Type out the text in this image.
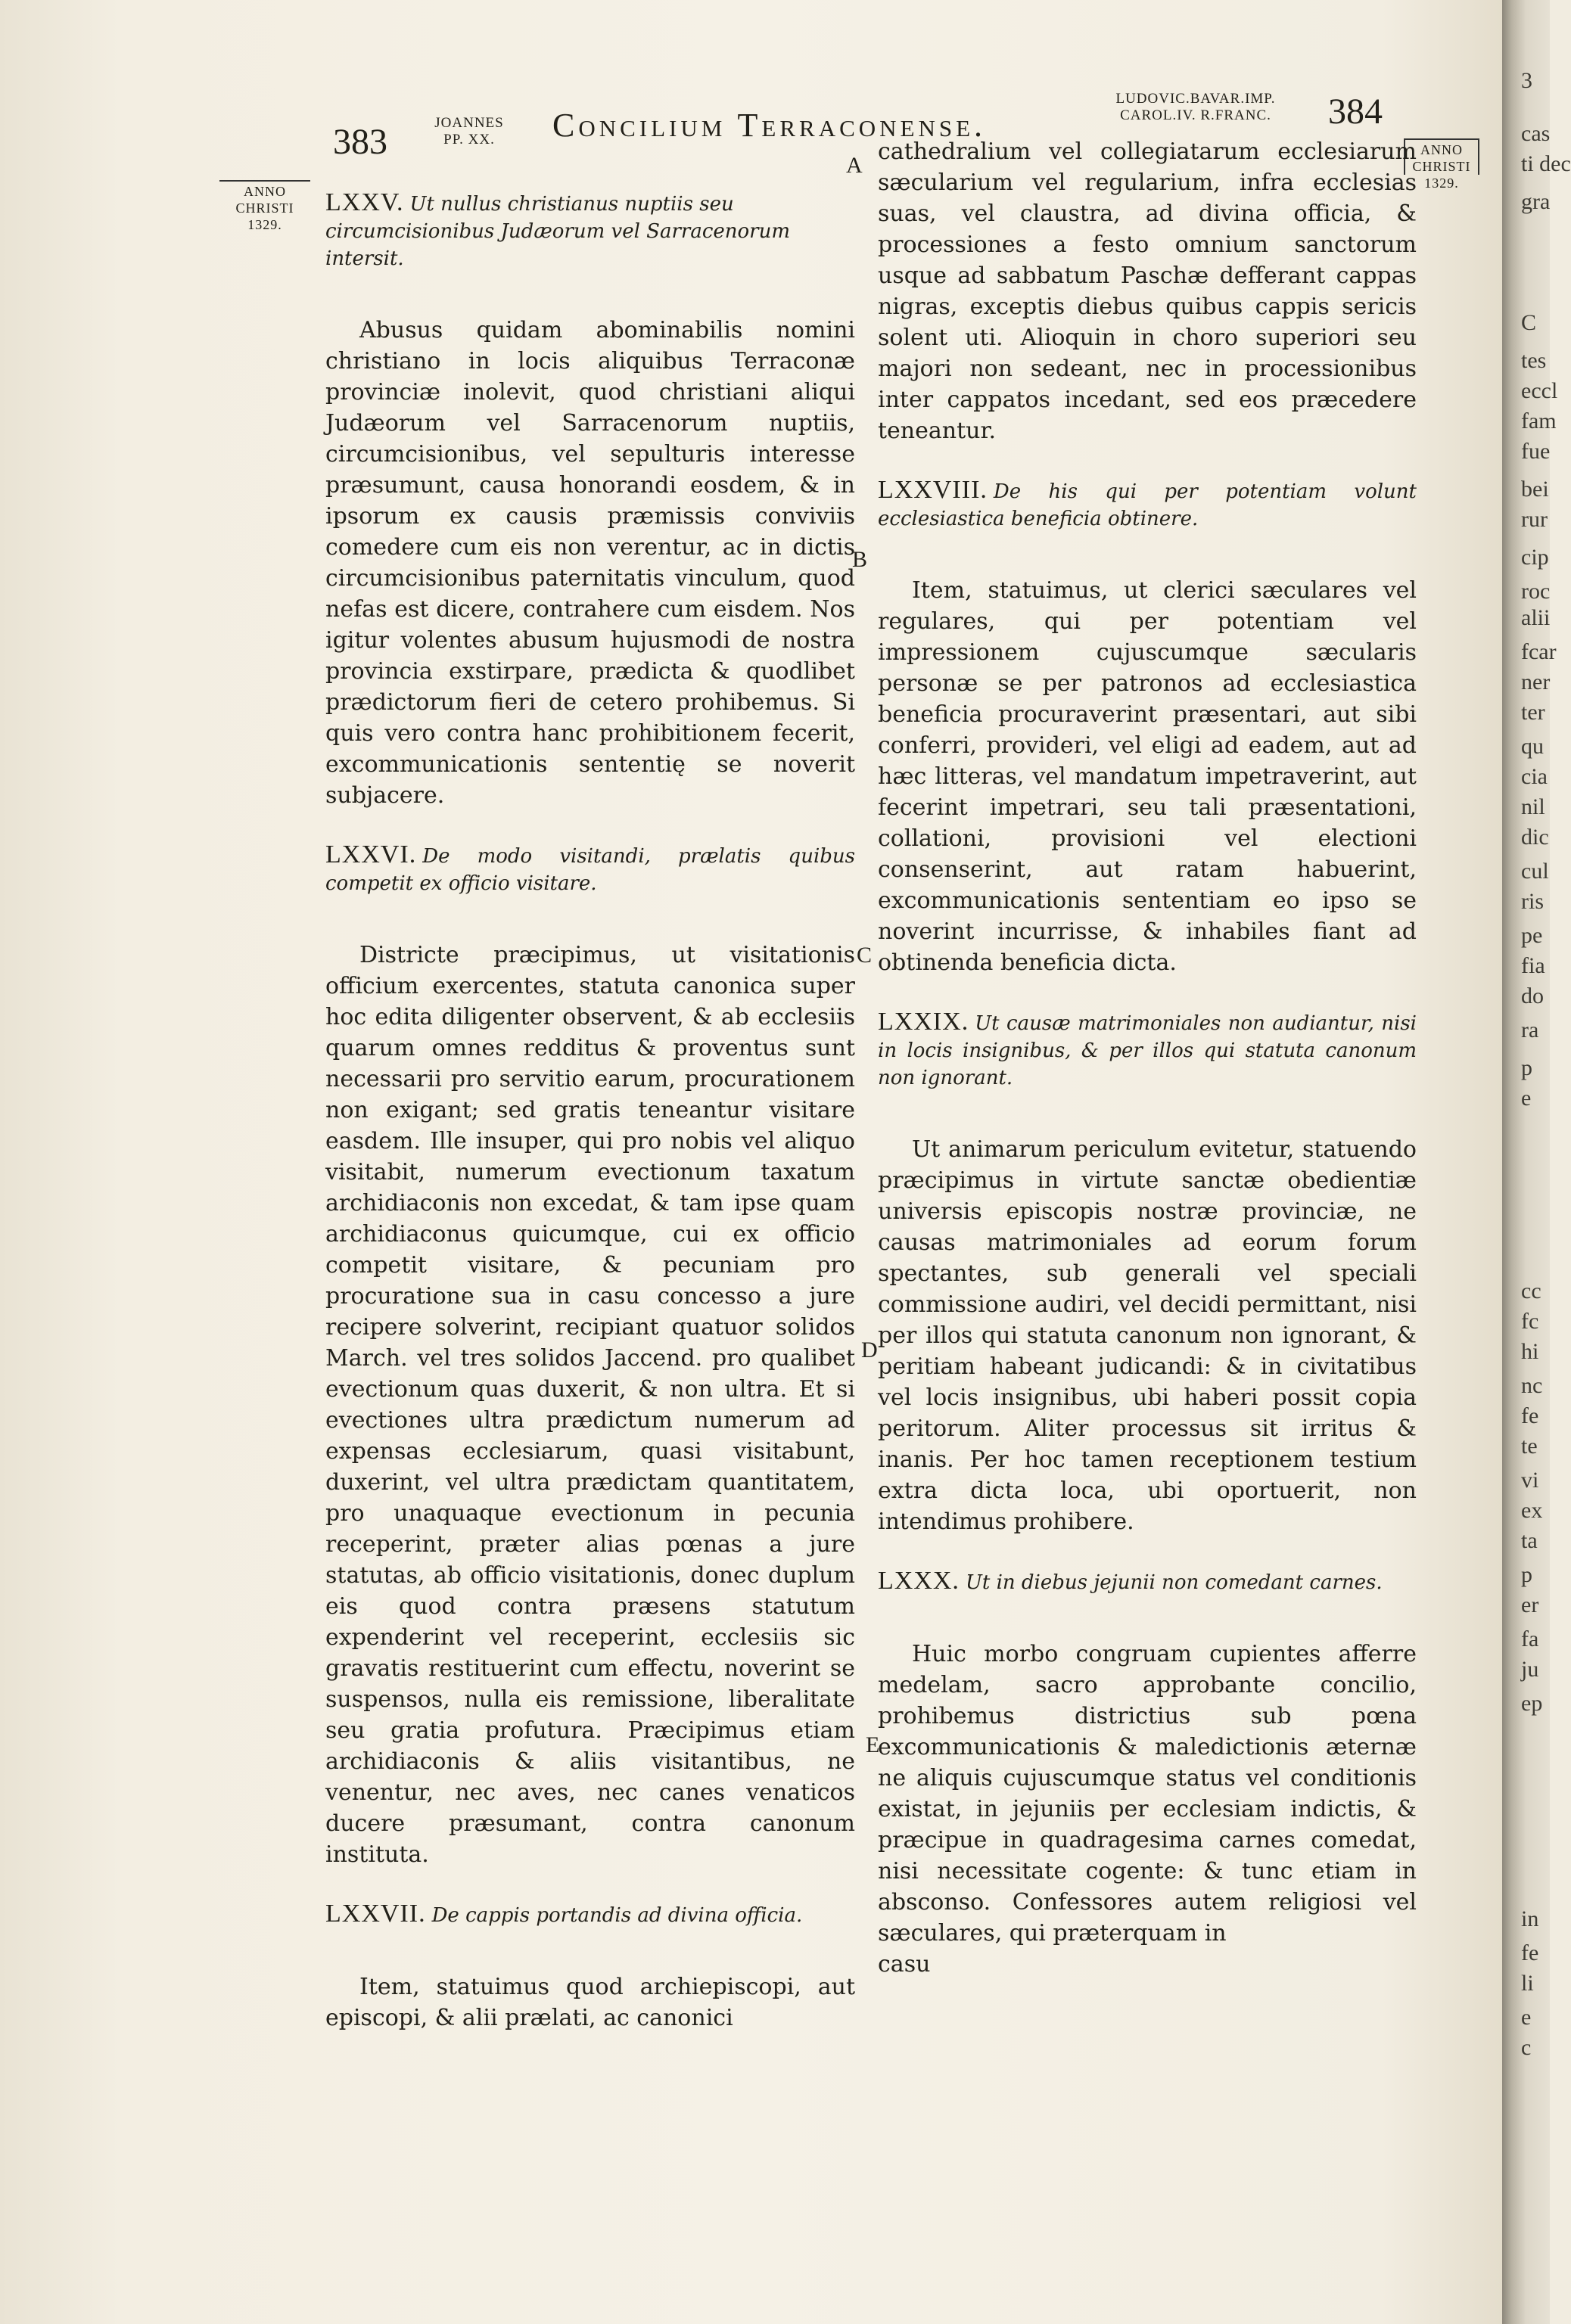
383	JOANNES
PP. XX.	Concilium Terraconense.
LUDOVIC.BAVAR.IMP.
CAROL.IV. R.FRANC.	384
ANNO
CHRISTI
1329.
ANNO
CHRISTI
1329.
A
B
C
D
E

LXXV. Ut nullus christianus nuptiis seu circumcisionibus Judæorum vel Sarracenorum intersit.

Abusus quidam abominabilis nomini christiano in locis aliquibus Terraconæ provinciæ inolevit, quod christiani aliqui Judæorum vel Sarracenorum nuptiis, circumcisionibus, vel sepulturis interesse præsumunt, causa honorandi eosdem, & in ipsorum ex causis præmissis conviviis comedere cum eis non verentur, ac in dictis circumcisionibus paternitatis vinculum, quod nefas est dicere, contrahere cum eisdem. Nos igitur volentes abusum hujusmodi de nostra provincia exstirpare, prædicta & quodlibet prædictorum fieri de cetero prohibemus. Si quis vero contra hanc prohibitionem fecerit, excommunicationis sententię se noverit subjacere.

LXXVI. De modo visitandi, prælatis quibus competit ex officio visitare.

Districte præcipimus, ut visitationis officium exercentes, statuta canonica super hoc edita diligenter observent, & ab ecclesiis quarum omnes redditus & proventus sunt necessarii pro servitio earum, procurationem non exigant; sed gratis teneantur visitare easdem. Ille insuper, qui pro nobis vel aliquo visitabit, numerum evectionum taxatum archidiaconis non excedat, & tam ipse quam archidiaconus quicumque, cui ex officio competit visitare, & pecuniam pro procuratione sua in casu concesso a jure recipere solverint, recipiant quatuor solidos March. vel tres solidos Jaccend. pro qualibet evectionum quas duxerit, & non ultra. Et si evectiones ultra prædictum numerum ad expensas ecclesiarum, quasi visitabunt, duxerint, vel ultra prædictam quantitatem, pro unaquaque evectionum in pecunia receperint, præter alias pœnas a jure statutas, ab officio visitationis, donec duplum eis quod contra præsens statutum expenderint vel receperint, ecclesiis sic gravatis restituerint cum effectu, noverint se suspensos, nulla eis remissione, liberalitate seu gratia profutura. Præcipimus etiam archidiaconis & aliis visitantibus, ne venentur, nec aves, nec canes venaticos ducere præsumant, contra canonum instituta.

LXXVII. De cappis portandis ad divina officia.

Item, statuimus quod archiepiscopi, aut episcopi, & alii prælati, ac canonici

cathedralium vel collegiatarum ecclesiarum sæcularium vel regularium, infra ecclesias suas, vel claustra, ad divina officia, & processiones a festo omnium sanctorum usque ad sabbatum Paschæ defferant cappas nigras, exceptis diebus quibus cappis sericis solent uti. Alioquin in choro superiori seu majori non sedeant, nec in processionibus inter cappatos incedant, sed eos præcedere teneantur.

LXXVIII. De his qui per potentiam volunt ecclesiastica beneficia obtinere.

Item, statuimus, ut clerici sæculares vel regulares, qui per potentiam vel impressionem cujuscumque sæcularis personæ se per patronos ad ecclesiastica beneficia procuraverint præsentari, aut sibi conferri, provideri, vel eligi ad eadem, aut ad hæc litteras, vel mandatum impetraverint, aut fecerint impetrari, seu tali præsentationi, collationi, provisioni vel electioni consenserint, aut ratam habuerint, excommunicationis sententiam eo ipso se noverint incurrisse, & inhabiles fiant ad obtinenda beneficia dicta.

LXXIX. Ut causæ matrimoniales non audiantur, nisi in locis insignibus, & per illos qui statuta canonum non ignorant.

Ut animarum periculum evitetur, statuendo præcipimus in virtute sanctæ obedientiæ universis episcopis nostræ provinciæ, ne causas matrimoniales ad eorum forum spectantes, sub generali vel speciali commissione audiri, vel decidi permittant, nisi per illos qui statuta canonum non ignorant, & peritiam habeant judicandi: & in civitatibus vel locis insignibus, ubi haberi possit copia peritorum. Aliter processus sit irritus & inanis. Per hoc tamen receptionem testium extra dicta loca, ubi oportuerit, non intendimus prohibere.

LXXX. Ut in diebus jejunii non comedant carnes.

Huic morbo congruam cupientes afferre medelam, sacro approbante concilio, prohibemus districtius sub pœna excommunicationis & maledictionis æternæ ne aliquis cujuscumque status vel conditionis existat, in jejuniis per ecclesiam indictis, & præcipue in quadragesima carnes comedat, nisi necessitate cogente: & tunc etiam in absconso. Confessores autem religiosi vel sæculares, qui præterquam in

casu

3
cas
ti dec
gra
C
tes
eccl
fam
fue
bei
rur
cip
roc
alii
fcar
ner
ter
qu
cia
nil
dic
cul
ris
pe
fia
do
ra
p
e
cc
fc
hi
nc
fe
te
vi
ex
ta
p
er
fa
ju
ep
in
fe
li
e
c
